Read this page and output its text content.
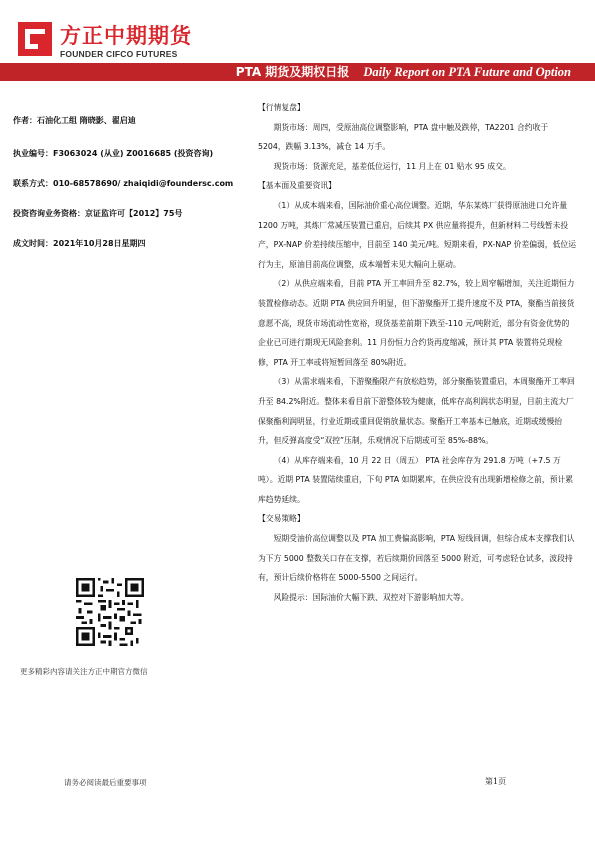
方正中期期货
FOUNDER CIFCO FUTURES
PTA 期货及期权日报 Daily Report on PTA Future and Option
作者：石油化工组 隋晓影、翟启迪
执业编号：F3063024 (从业) Z0016685 (投资咨询)
联系方式：010-68578690/ zhaiqidi@foundersc.com
投资咨询业务资格：京证监许可【2012】75号
成文时间：2021年10月28日星期四
更多精彩内容请关注方正中期官方微信

【行情复盘】

期货市场：周四，受原油高位调整影响，PTA 盘中触及跌停，TA2201 合约收于 5204，跌幅 3.13%，减仓 14 万手。

现货市场：货源充足，基差低位运行，11 月上在 01 贴水 95 成交。

【基本面及重要资讯】

（1）从成本端来看，国际油价重心高位调整。近期，华东某炼厂获得原油进口允许量 1200 万吨，其炼厂常减压装置已重启，后续其 PX 供应量将提升，但新材料二号线暂未投产，PX-NAP 价差持续压缩中，目前至 140 美元/吨。短期来看，PX-NAP 价差偏弱，低位运行为主，原油目前高位调整，成本端暂未见大幅向上驱动。

（2）从供应端来看，目前 PTA 开工率回升至 82.7%，较上周窄幅增加，关注近期恒力装置检修动态。近期 PTA 供应回升明显，但下游聚酯开工提升速度不及 PTA，聚酯当前接货意愿不高，现货市场流动性宽裕，现货基差前期下跌至-110 元/吨附近，部分有资金优势的企业已可进行期现无风险套利。11 月份恒力合约货再度缩减，预计其 PTA 装置将兑现检修，PTA 开工率或将短暂回落至 80%附近。

（3）从需求端来看，下游聚酯限产有放松趋势，部分聚酯装置重启，本周聚酯开工率回升至 84.2%附近。整体来看目前下游整体较为健康，低库存高利润状态明显，目前主流大厂保聚酯利润明显，行业近期或重回促销放量状态。聚酯开工率基本已触底，近期或缓慢抬升，但反弹高度受“双控”压制，乐观情况下后期或可至 85%-88%。

（4）从库存端来看，10 月 22 日（周五） PTA 社会库存为 291.8 万吨（+7.5 万吨）。近期 PTA 装置陆续重启，下旬 PTA 如期累库，在供应没有出现新增检修之前，预计累库趋势延续。

【交易策略】

短期受油价高位调整以及 PTA 加工费偏高影响，PTA 短线回调，但综合成本支撑我们认为下方 5000 整数关口存在支撑，若后续期价回落至 5000 附近，可考虑轻仓试多，波段持有，预计后续价格将在 5000-5500 之间运行。

风险提示：国际油价大幅下跌、双控对下游影响加大等。

请务必阅读最后重要事项	第1页
